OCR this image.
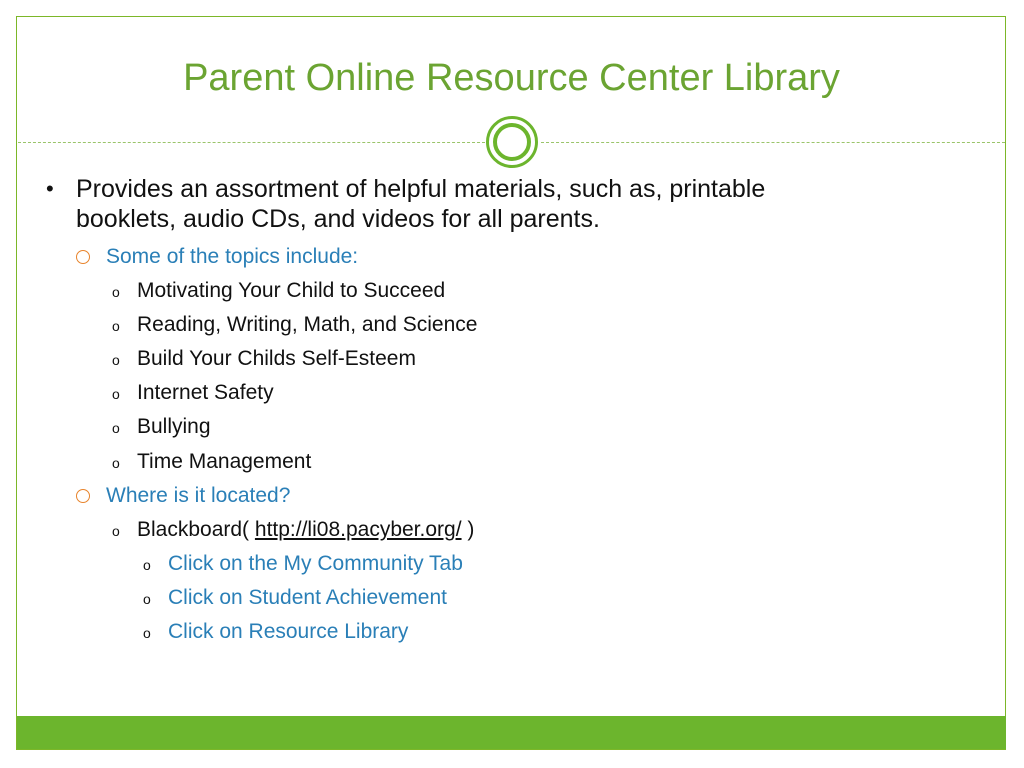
Parent Online Resource Center Library
• Provides an assortment of helpful materials, such as, printable
booklets, audio CDs, and videos for all parents.
Some of the topics include:
o Motivating Your Child to Succeed
o Reading, Writing, Math, and Science
o Build Your Childs Self-Esteem
o Internet Safety
o Bullying
o Time Management
Where is it located?
o Blackboard( http://li08.pacyber.org/ )
o Click on the My Community Tab
o Click on Student Achievement
o Click on Resource Library
